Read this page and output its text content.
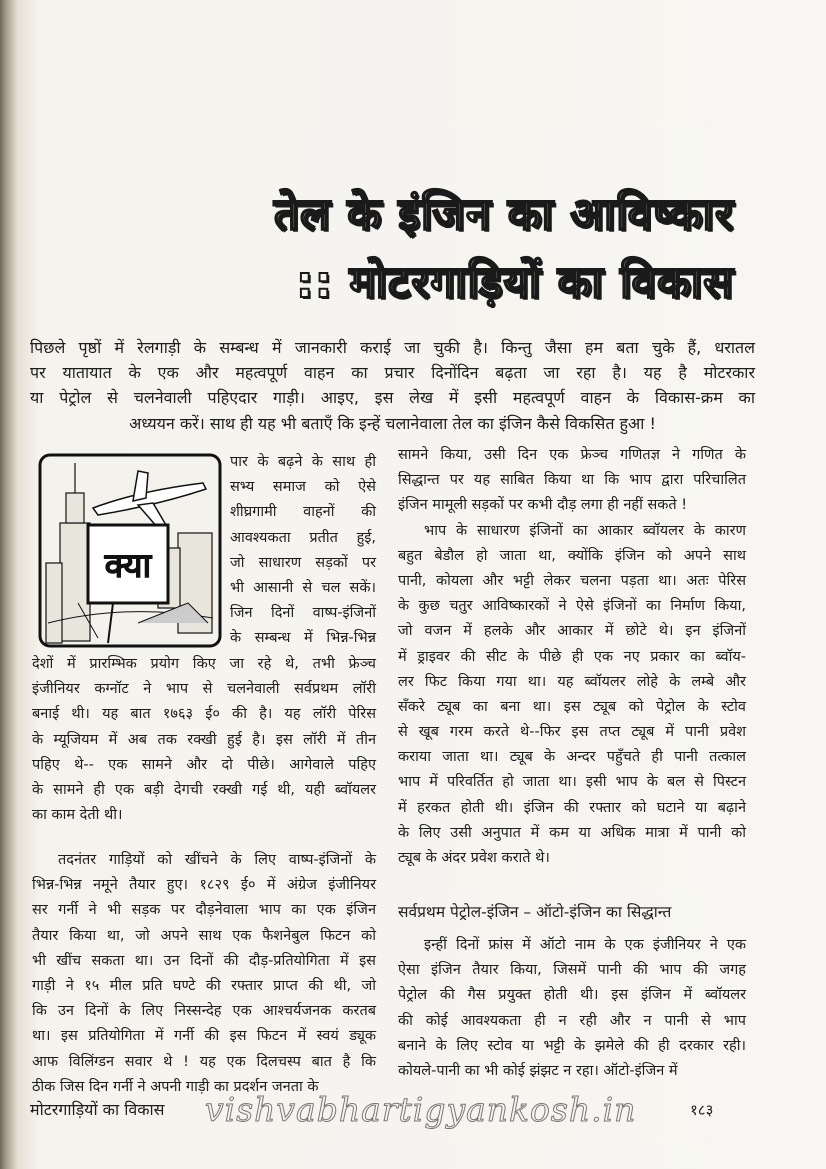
तेल के इंजिन का आविष्कार
:: मोटरगाड़ियों का विकास
पिछले पृष्ठों में रेलगाड़ी के सम्बन्ध में जानकारी कराई जा चुकी है। किन्तु जैसा हम बता चुके हैं, धरातल
पर यातायात के एक और महत्वपूर्ण वाहन का प्रचार दिनोंदिन बढ़ता जा रहा है। यह है मोटरकार
या पेट्रोल से चलनेवाली पहिएदार गाड़ी। आइए, इस लेख में इसी महत्वपूर्ण वाहन के विकास-क्रम का
अध्ययन करें। साथ ही यह भी बताएँ कि इन्हें चलानेवाला तेल का इंजिन कैसे विकसित हुआ !
क्या
पार के बढ़ने के साथ ही
सभ्य समाज को ऐसे
शीघ्रगामी वाहनों की
आवश्यकता प्रतीत हुई,
जो साधारण सड़कों पर
भी आसानी से चल सकें।
जिन दिनों वाष्प-इंजिनों
के सम्बन्ध में भिन्न-भिन्न
देशों में प्रारम्भिक प्रयोग किए जा रहे थे, तभी फ्रेञ्च
इंजीनियर कग्नॉट ने भाप से चलनेवाली सर्वप्रथम लॉरी
बनाई थी। यह बात १७६३ ई० की है। यह लॉरी पेरिस
के म्यूजियम में अब तक रक्खी हुई है। इस लॉरी में तीन
पहिए थे-- एक सामने और दो पीछे। आगेवाले पहिए
के सामने ही एक बड़ी देगची रक्खी गई थी, यही ब्वॉयलर
का काम देती थी।
तदनंतर गाड़ियों को खींचने के लिए वाष्प-इंजिनों के
भिन्न-भिन्न नमूने तैयार हुए। १८२९ ई० में अंग्रेज इंजीनियर
सर गर्नी ने भी सड़क पर दौड़नेवाला भाप का एक इंजिन
तैयार किया था, जो अपने साथ एक फैशनेबुल फिटन को
भी खींच सकता था। उन दिनों की दौड़-प्रतियोगिता में इस
गाड़ी ने १५ मील प्रति घण्टे की रफ्तार प्राप्त की थी, जो
कि उन दिनों के लिए निस्सन्देह एक आश्चर्यजनक करतब
था। इस प्रतियोगिता में गर्नी की इस फिटन में स्वयं ड्यूक
आफ विलिंग्डन सवार थे ! यह एक दिलचस्प बात है कि
ठीक जिस दिन गर्नी ने अपनी गाड़ी का प्रदर्शन जनता के
सामने किया, उसी दिन एक फ्रेञ्च गणितज्ञ ने गणित के
सिद्धान्त पर यह साबित किया था कि भाप द्वारा परिचालित
इंजिन मामूली सड़कों पर कभी दौड़ लगा ही नहीं सकते !
भाप के साधारण इंजिनों का आकार ब्वॉयलर के कारण
बहुत बेडौल हो जाता था, क्योंकि इंजिन को अपने साथ
पानी, कोयला और भट्टी लेकर चलना पड़ता था। अतः पेरिस
के कुछ चतुर आविष्कारकों ने ऐसे इंजिनों का निर्माण किया,
जो वजन में हलके और आकार में छोटे थे। इन इंजिनों
में ड्राइवर की सीट के पीछे ही एक नए प्रकार का ब्वॉय-
लर फिट किया गया था। यह ब्वॉयलर लोहे के लम्बे और
सँकरे ट्यूब का बना था। इस ट्यूब को पेट्रोल के स्टोव
से खूब गरम करते थे--फिर इस तप्त ट्यूब में पानी प्रवेश
कराया जाता था। ट्यूब के अन्दर पहुँचते ही पानी तत्काल
भाप में परिवर्तित हो जाता था। इसी भाप के बल से पिस्टन
में हरकत होती थी। इंजिन की रफ्तार को घटाने या बढ़ाने
के लिए उसी अनुपात में कम या अधिक मात्रा में पानी को
ट्यूब के अंदर प्रवेश कराते थे।
सर्वप्रथम पेट्रोल-इंजिन – ऑटो-इंजिन का सिद्धान्त
इन्हीं दिनों फ्रांस में ऑटो नाम के एक इंजीनियर ने एक
ऐसा इंजिन तैयार किया, जिसमें पानी की भाप की जगह
पेट्रोल की गैस प्रयुक्त होती थी। इस इंजिन में ब्वॉयलर
की कोई आवश्यकता ही न रही और न पानी से भाप
बनाने के लिए स्टोव या भट्टी के झमेले की ही दरकार रही।
कोयले-पानी का भी कोई झंझट न रहा। ऑटो-इंजिन में
मोटरगाड़ियों का विकास vishvabhartigyankosh.in	१८३
